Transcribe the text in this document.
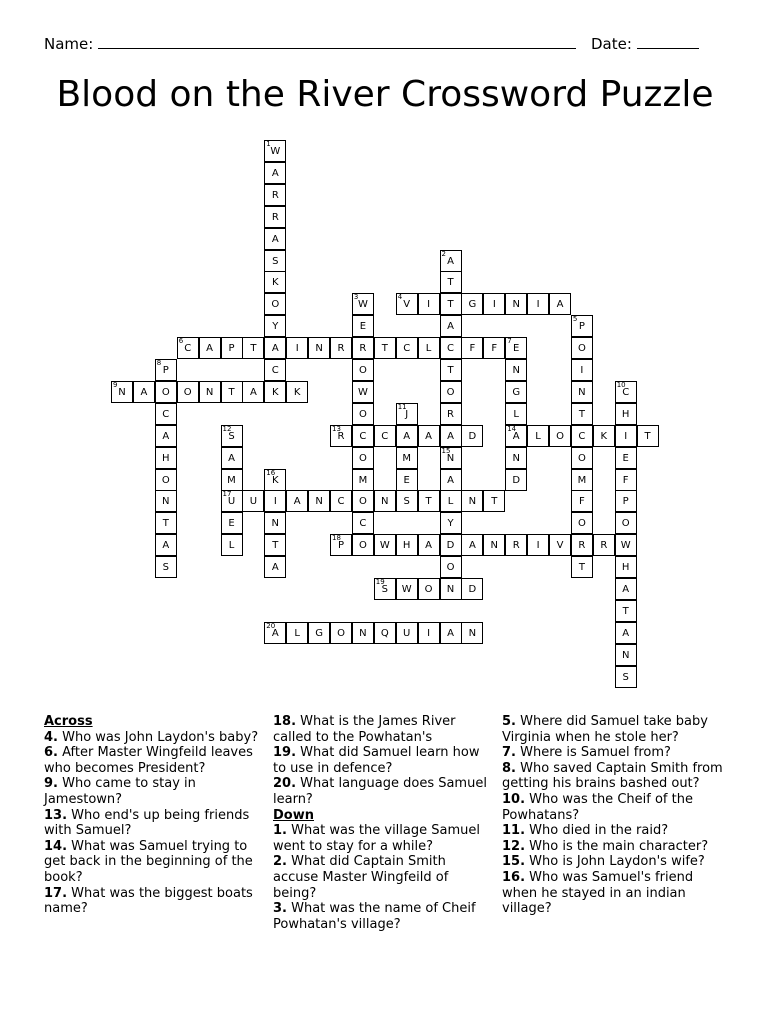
Name:	Date:
Blood on the River Crossword Puzzle
W
1
A
R
R
A
S
K
O
Y
A
C
K
A
2
T
T
A
C
T
O
R
A
N
15
A
L
Y
D
O
N
W
3
E
R
O
W
O
C
O
M
O
C
O
V
4
I	G	I	N	I	A
P
5
O
I
N
T
C
O
M
F
O
R
T
C
6
A	P	T	I	N	R	T	C	L	F	F	E
7
N
G
L
A
14
N
D
P
8
O
C
A
H
O
N
T
A
S
N
9
A	O	N	T	A	K	C
10
H
I
E
F
P
O
W
H
A
T
A
N
S
J
11
A
M
E
S
S
12
A
M
U
17
E
L
R
13
C	A	D	L	O	K	T
K
16
I
N
T
A
U	A	N	C	N	T	N	T
P
18
W	H	A	A	N	R	I	V	R
S
19
W	O	D
A
20
L	G	O	N	Q	U	I	A	N
Across
4. Who was John Laydon's baby?
6. After Master Wingfeild leaves who becomes President?
9. Who came to stay in Jamestown?
13. Who end's up being friends with Samuel?
14. What was Samuel trying to get back in the beginning of the book?
17. What was the biggest boats name?
18. What is the James River called to the Powhatan's
19. What did Samuel learn how to use in defence?
20. What language does Samuel learn?
Down
1. What was the village Samuel went to stay for a while?
2. What did Captain Smith accuse Master Wingfeild of being?
3. What was the name of Cheif Powhatan's village?
5. Where did Samuel take baby Virginia when he stole her?
7. Where is Samuel from?
8. Who saved Captain Smith from getting his brains bashed out?
10. Who was the Cheif of the Powhatans?
11. Who died in the raid?
12. Who is the main character?
15. Who is John Laydon's wife?
16. Who was Samuel's friend when he stayed in an indian village?
